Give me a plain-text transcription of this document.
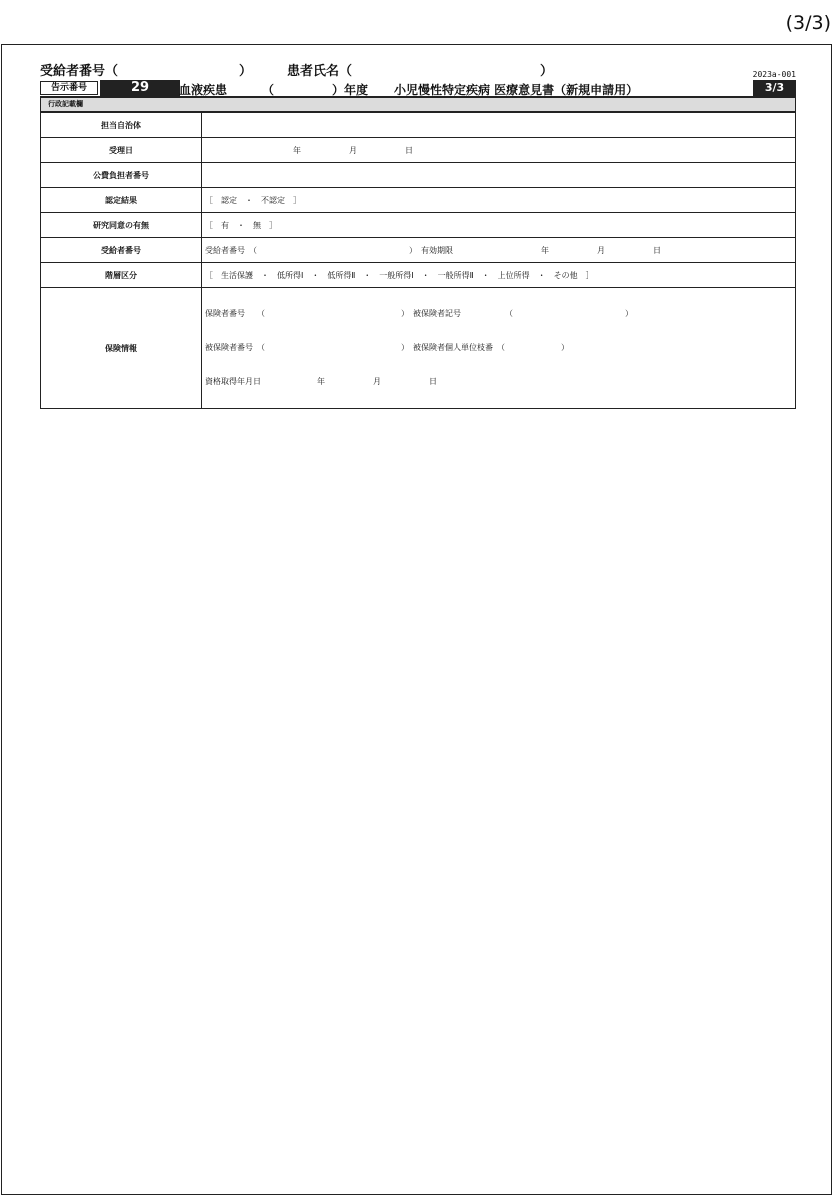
(3/3)
受給者番号（	）	患者氏名（	）	2023a-001
告示番号	29	血液疾患	（	）年度 小児慢性特定疾病 医療意見書（新規申請用）	3/3
行政記載欄
担当自治体	
受理日	　　　　　　　　　　　年　　　　　　月　　　　　　日
公費負担者番号	
認定結果	［　認定　・　不認定　］
研究同意の有無	［　有　・　無　］
受給者番号	受給者番号　（　　　　　　　　　　　　　　　　　　　）　有効期限　　　　　　　　　　　年　　　　　　月　　　　　　日
階層区分	［　生活保護　・　低所得Ⅰ　・　低所得Ⅱ　・　一般所得Ⅰ　・　一般所得Ⅱ　・　上位所得　・　その他　］
保険情報	保険者番号　　（　　　　　　　　　　　　　　　　　）　被保険者記号　　　　　　（　　　　　　　　　　　　　　）

被保険者番号　（　　　　　　　　　　　　　　　　　）　被保険者個人単位枝番　（　　　　　　　）

資格取得年月日　　　　　　　年　　　　　　月　　　　　　日
